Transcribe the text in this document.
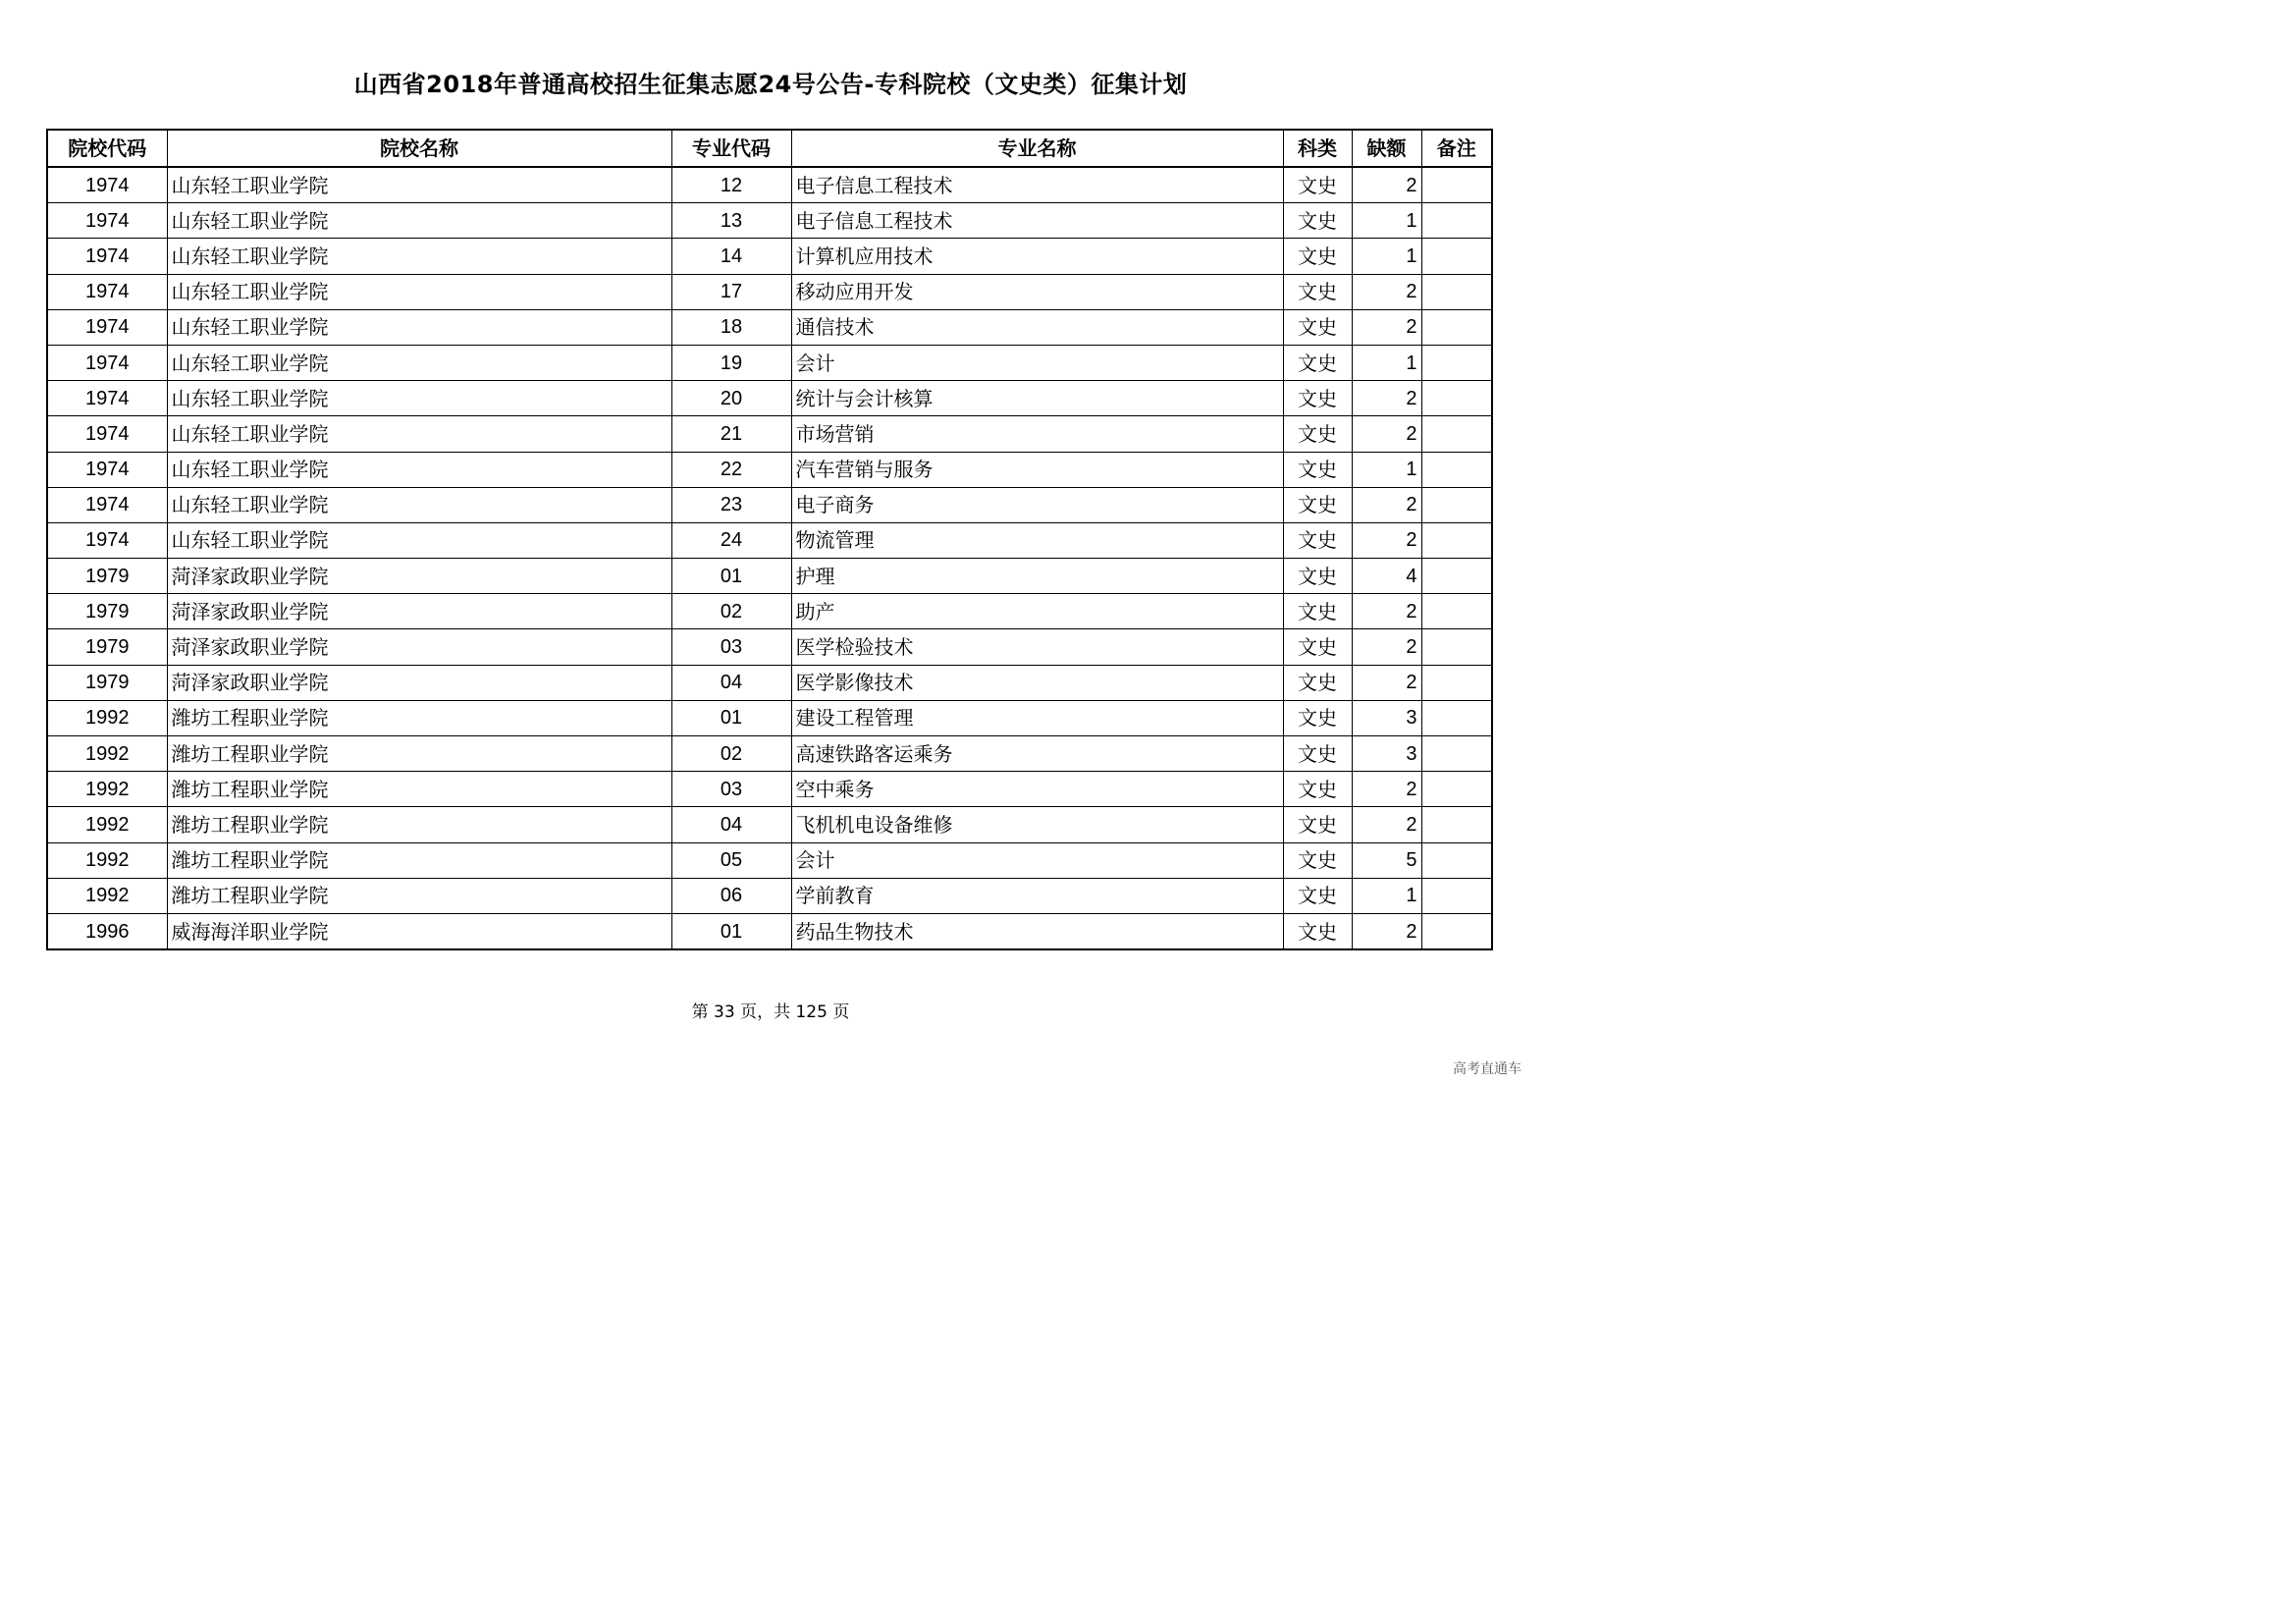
山西省2018年普通高校招生征集志愿24号公告-专科院校（文史类）征集计划
院校代码	院校名称	专业代码	专业名称	科类	缺额	备注
1974	山东轻工职业学院	12	电子信息工程技术	文史	2	
1974	山东轻工职业学院	13	电子信息工程技术	文史	1	
1974	山东轻工职业学院	14	计算机应用技术	文史	1	
1974	山东轻工职业学院	17	移动应用开发	文史	2	
1974	山东轻工职业学院	18	通信技术	文史	2	
1974	山东轻工职业学院	19	会计	文史	1	
1974	山东轻工职业学院	20	统计与会计核算	文史	2	
1974	山东轻工职业学院	21	市场营销	文史	2	
1974	山东轻工职业学院	22	汽车营销与服务	文史	1	
1974	山东轻工职业学院	23	电子商务	文史	2	
1974	山东轻工职业学院	24	物流管理	文史	2	
1979	菏泽家政职业学院	01	护理	文史	4	
1979	菏泽家政职业学院	02	助产	文史	2	
1979	菏泽家政职业学院	03	医学检验技术	文史	2	
1979	菏泽家政职业学院	04	医学影像技术	文史	2	
1992	潍坊工程职业学院	01	建设工程管理	文史	3	
1992	潍坊工程职业学院	02	高速铁路客运乘务	文史	3	
1992	潍坊工程职业学院	03	空中乘务	文史	2	
1992	潍坊工程职业学院	04	飞机机电设备维修	文史	2	
1992	潍坊工程职业学院	05	会计	文史	5	
1992	潍坊工程职业学院	06	学前教育	文史	1	
1996	威海海洋职业学院	01	药品生物技术	文史	2	
第 33 页，共 125 页
高考直通车
